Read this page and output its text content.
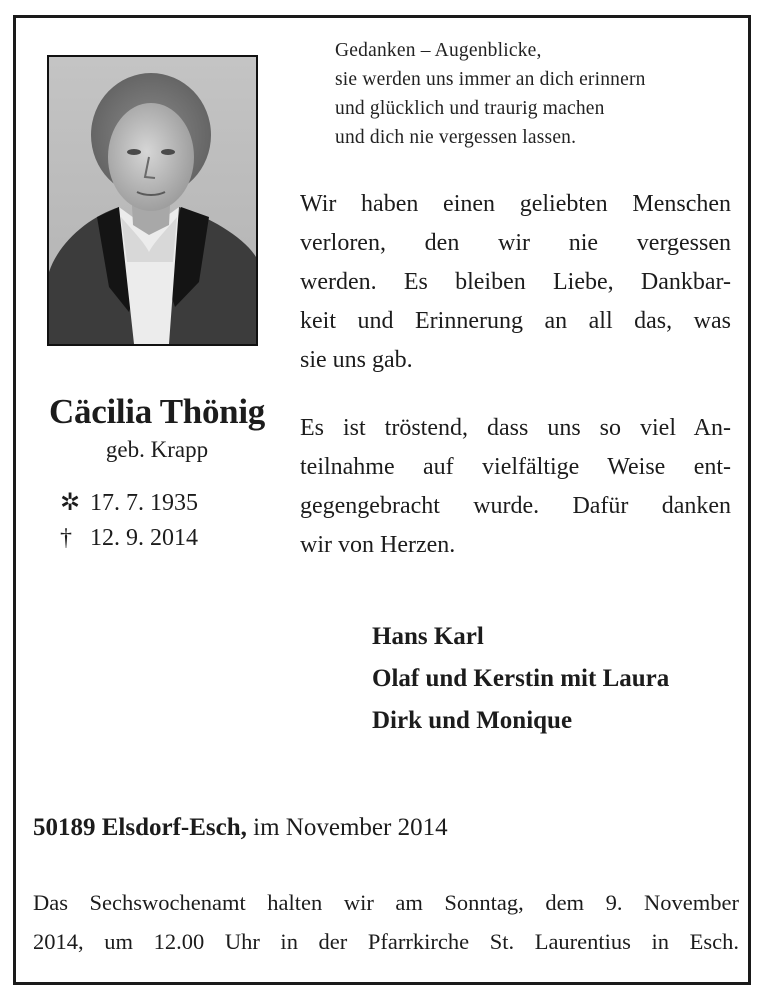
Gedanken – Augenblicke,
sie werden uns immer an dich erinnern
und glücklich und traurig machen
und dich nie vergessen lassen.
Wir haben einen geliebten Menschen
verloren, den wir nie vergessen
werden. Es bleiben Liebe, Dankbar-
keit und Erinnerung an all das, was
sie uns gab.
Es ist tröstend, dass uns so viel An-
teilnahme auf vielfältige Weise ent-
gegengebracht wurde. Dafür danken
wir von Herzen.
Cäcilia Thönig
geb. Krapp
✲ 17. 7. 1935
† 12. 9. 2014
Hans Karl
Olaf und Kerstin mit Laura
Dirk und Monique
50189 Elsdorf-Esch, im November 2014
Das Sechswochenamt halten wir am Sonntag, dem 9. November
2014, um 12.00 Uhr in der Pfarrkirche St. Laurentius in Esch.
